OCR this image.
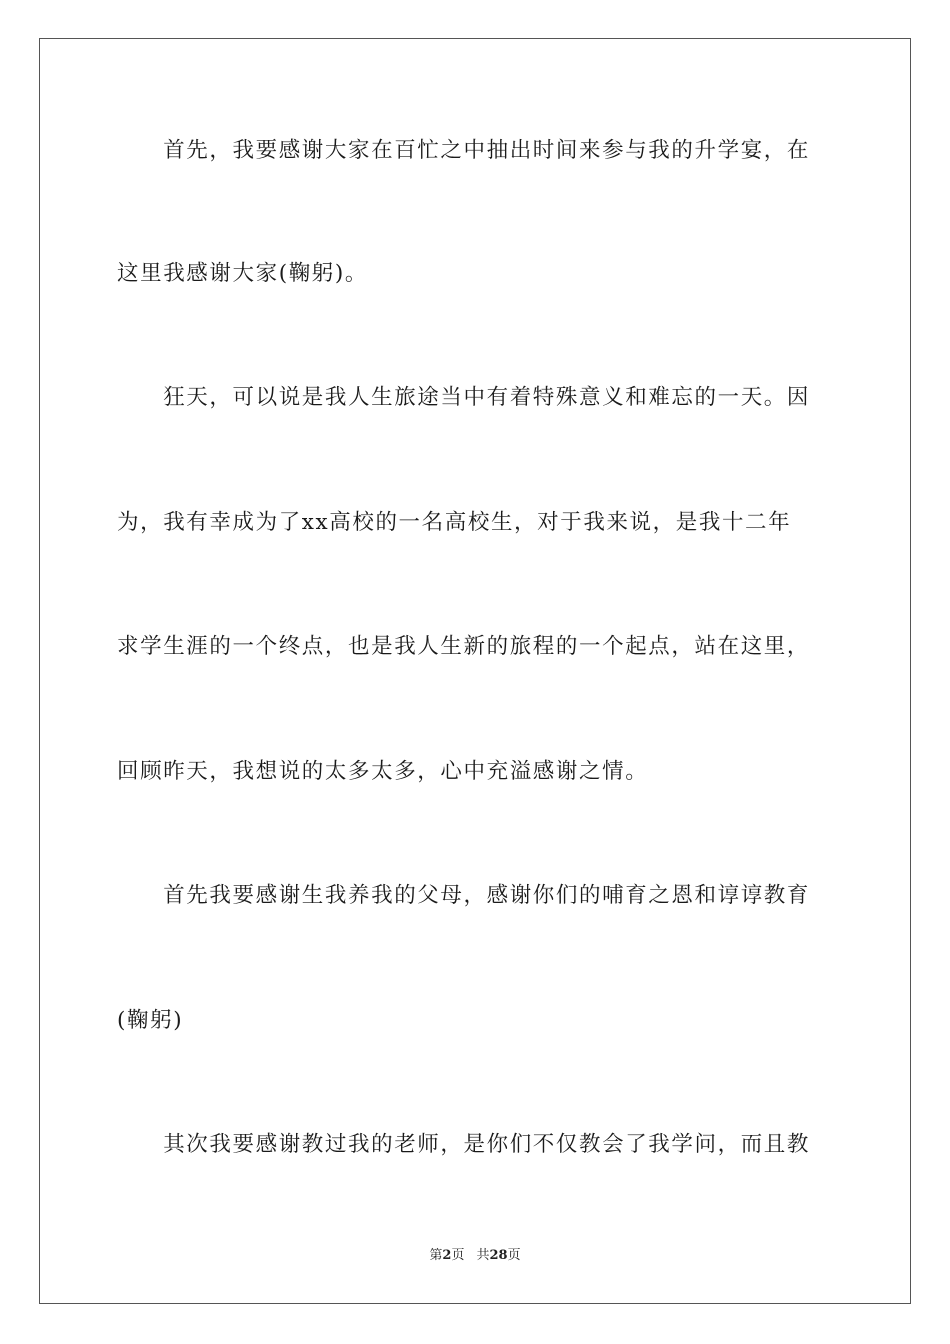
　　首先，我要感谢大家在百忙之中抽出时间来参与我的升学宴，在
这里我感谢大家(鞠躬)。
　　狂天，可以说是我人生旅途当中有着特殊意义和难忘的一天。因
为，我有幸成为了xx高校的一名高校生，对于我来说，是我十二年
求学生涯的一个终点，也是我人生新的旅程的一个起点，站在这里，
回顾昨天，我想说的太多太多，心中充溢感谢之情。
　　首先我要感谢生我养我的父母，感谢你们的哺育之恩和谆谆教育
(鞠躬)
　　其次我要感谢教过我的老师，是你们不仅教会了我学问，而且教
第2页 共28页
